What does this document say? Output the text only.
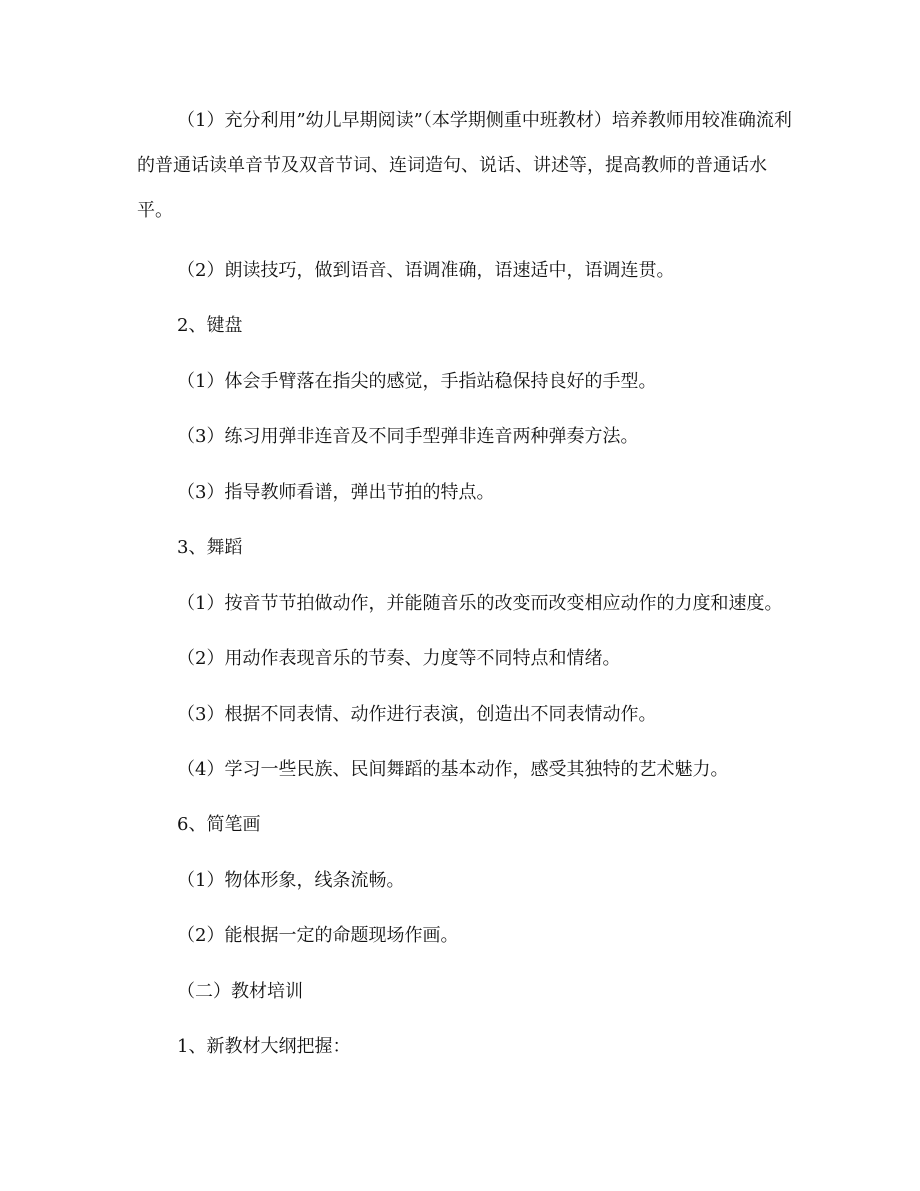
（1）充分利用”幼儿早期阅读”（本学期侧重中班教材）培养教师用较准确流利的普通话读单音节及双音节词、连词造句、说话、讲述等，提高教师的普通话水平。

（2）朗读技巧，做到语音、语调准确，语速适中，语调连贯。

2、键盘

（1）体会手臂落在指尖的感觉，手指站稳保持良好的手型。

（3）练习用弹非连音及不同手型弹非连音两种弹奏方法。

（3）指导教师看谱，弹出节拍的特点。

3、舞蹈

（1）按音节节拍做动作，并能随音乐的改变而改变相应动作的力度和速度。

（2）用动作表现音乐的节奏、力度等不同特点和情绪。

（3）根据不同表情、动作进行表演，创造出不同表情动作。

（4）学习一些民族、民间舞蹈的基本动作，感受其独特的艺术魅力。

6、简笔画

（1）物体形象，线条流畅。

（2）能根据一定的命题现场作画。

（二）教材培训

1、新教材大纲把握：
